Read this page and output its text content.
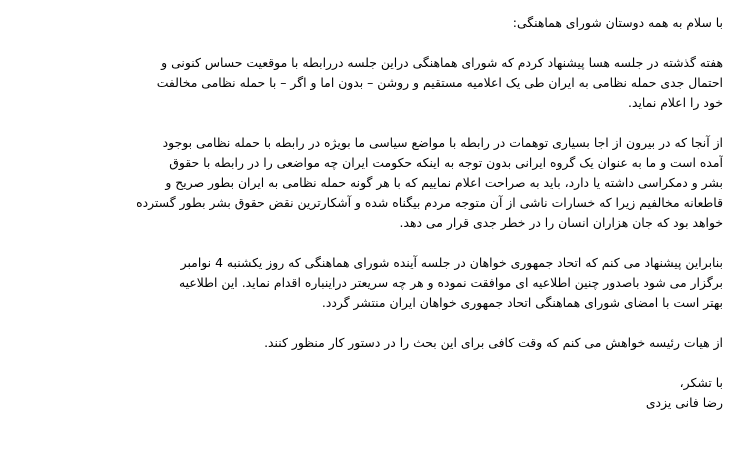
با سلام به همه دوستان شورای هماهنگی:
هفته گذشته در جلسه هسا پیشنهاد کردم که شورای هماهنگی دراین جلسه دررابطه با موقعیت حساس کنونی و
احتمال جدی حمله نظامی به ایران طی یک اعلامیه مستقیم و روشن – بدون اما و اگر – با حمله نظامی مخالفت
خود را اعلام نماید.
از آنجا که در بیرون از اجا بسیاری توهمات در رابطه با مواضع سیاسی ما بویژه در رابطه با حمله نظامی بوجود
آمده است و ما به عنوان یک گروه ایرانی بدون توجه به اینکه حکومت ایران چه مواضعی را در رابطه با حقوق
بشر و دمکراسی داشته یا دارد، باید به صراحت اعلام نماییم که با هر گونه حمله نظامی به ایران بطور صریح و
قاطعانه مخالفیم زیرا که خسارات ناشی از آن متوجه مردم بیگناه شده و آشکارترین نقض حقوق بشر بطور گسترده
خواهد بود که جان هزاران انسان را در خطر جدی قرار می دهد.
بنابراین پیشنهاد می کنم که اتحاد جمهوری خواهان در جلسه آینده شورای هماهنگی که روز یکشنبه 4 نوامبر
برگزار می شود باصدور چنین اطلاعیه ای موافقت نموده و هر چه سریعتر دراینباره اقدام نماید. این اطلاعیه
بهتر است با امضای شورای هماهنگی اتحاد جمهوری خواهان ایران منتشر گردد.
از هیات رئیسه خواهش می کنم که وقت کافی برای این بحث را در دستور کار منظور کنند.
با تشکر،
رضا فانی یزدی
